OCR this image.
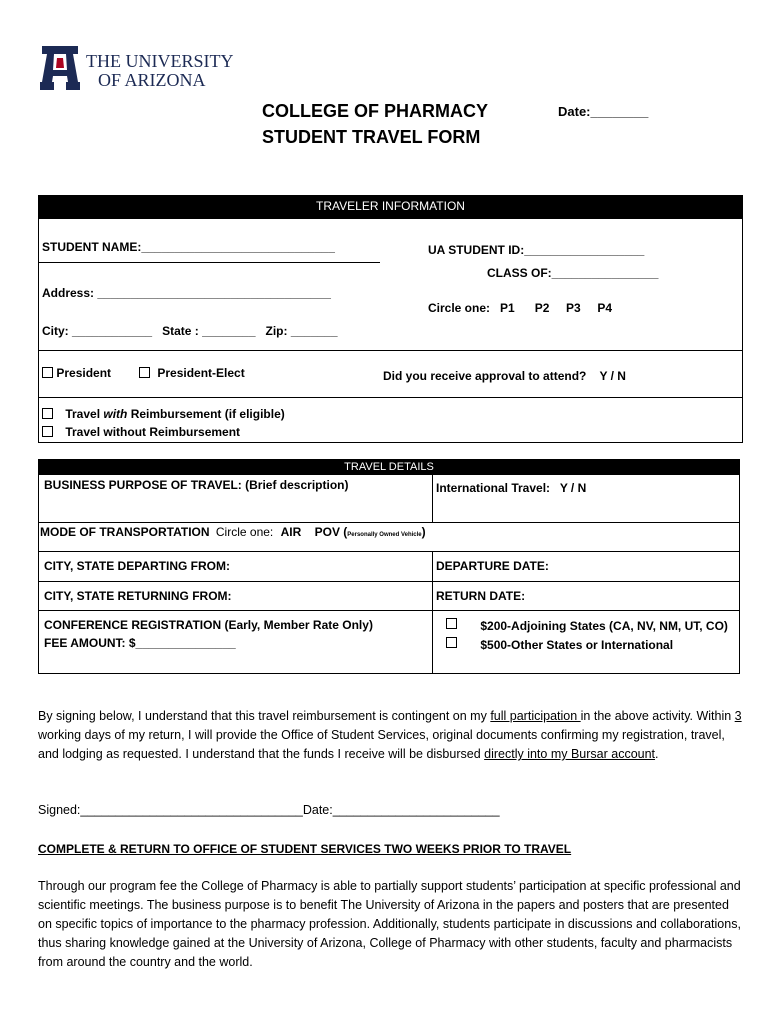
THE UNIVERSITY
OF ARIZONA
COLLEGE OF PHARMACY
STUDENT TRAVEL FORM
Date:________
TRAVELER INFORMATION
STUDENT NAME:_____________________________	UA STUDENT ID:__________________
CLASS OF:________________
Address: ___________________________________
Circle one:   P1      P2     P3     P4
City: ____________   State : ________   Zip: _______
President	President-Elect	Did you receive approval to attend?    Y / N
Travel with Reimbursement (if eligible)
Travel without Reimbursement
TRAVEL DETAILS
BUSINESS PURPOSE OF TRAVEL: (Brief description)	International Travel:   Y / N
MODE OF TRANSPORTATION Circle one: AIR POV (Personally Owned Vehicle)
CITY, STATE DEPARTING FROM:	DEPARTURE DATE:
CITY, STATE RETURNING FROM:	RETURN DATE:
CONFERENCE REGISTRATION (Early, Member Rate Only)
FEE AMOUNT: $_______________
$200-Adjoining States (CA, NV, NM, UT, CO)
$500-Other States or International

By signing below, I understand that this travel reimbursement is contingent on my full participation in the above activity. Within 3 working days of my return, I will provide the Office of Student Services, original documents confirming my registration, travel, and lodging as requested. I understand that the funds I receive will be disbursed directly into my Bursar account.

Signed:________________________________Date:________________________
COMPLETE & RETURN TO OFFICE OF STUDENT SERVICES TWO WEEKS PRIOR TO TRAVEL

Through our program fee the College of Pharmacy is able to partially support students’ participation at specific professional and scientific meetings. The business purpose is to benefit The University of Arizona in the papers and posters that are presented on specific topics of importance to the pharmacy profession. Additionally, students participate in discussions and collaborations, thus sharing knowledge gained at the University of Arizona, College of Pharmacy with other students, faculty and pharmacists from around the country and the world.
